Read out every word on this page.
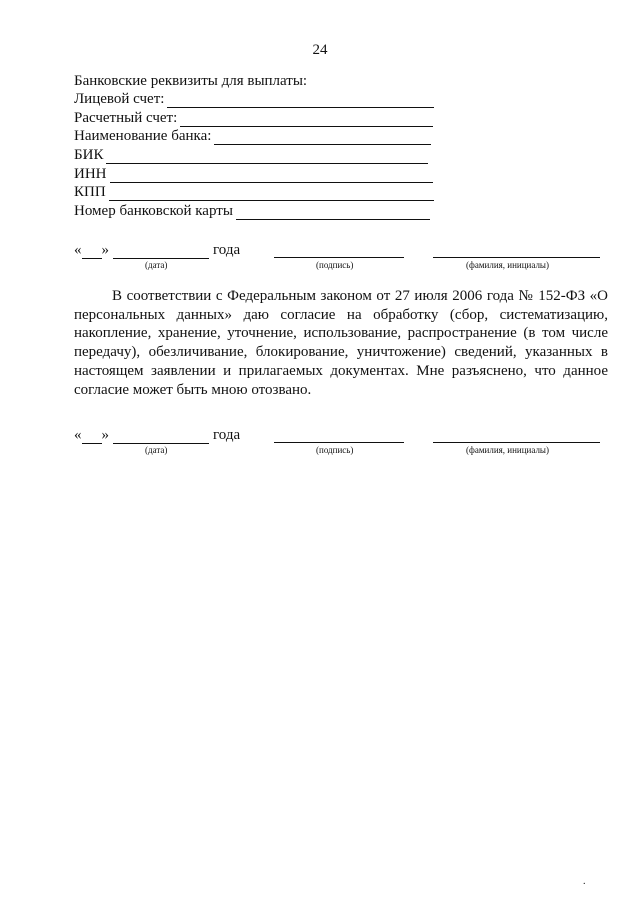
24
Банковские реквизиты для выплаты:
Лицевой счет:
Расчетный счет:
Наименование банка:
БИК
ИНН
КПП
Номер банковской карты
« »	года
(дата)	(подпись)	(фамилия, инициалы)

В соответствии с Федеральным законом от 27 июля 2006 года № 152-ФЗ «О персональных данных» даю согласие на обработку (сбор, систематизацию, накопление, хранение, уточнение, использование, распространение (в том числе передачу), обезличивание, блокирование, уничтожение) сведений, указанных в настоящем заявлении и прилагаемых документах. Мне разъяснено, что данное согласие может быть мною отозвано.

« »	года
(дата)	(подпись)	(фамилия, инициалы)
.
